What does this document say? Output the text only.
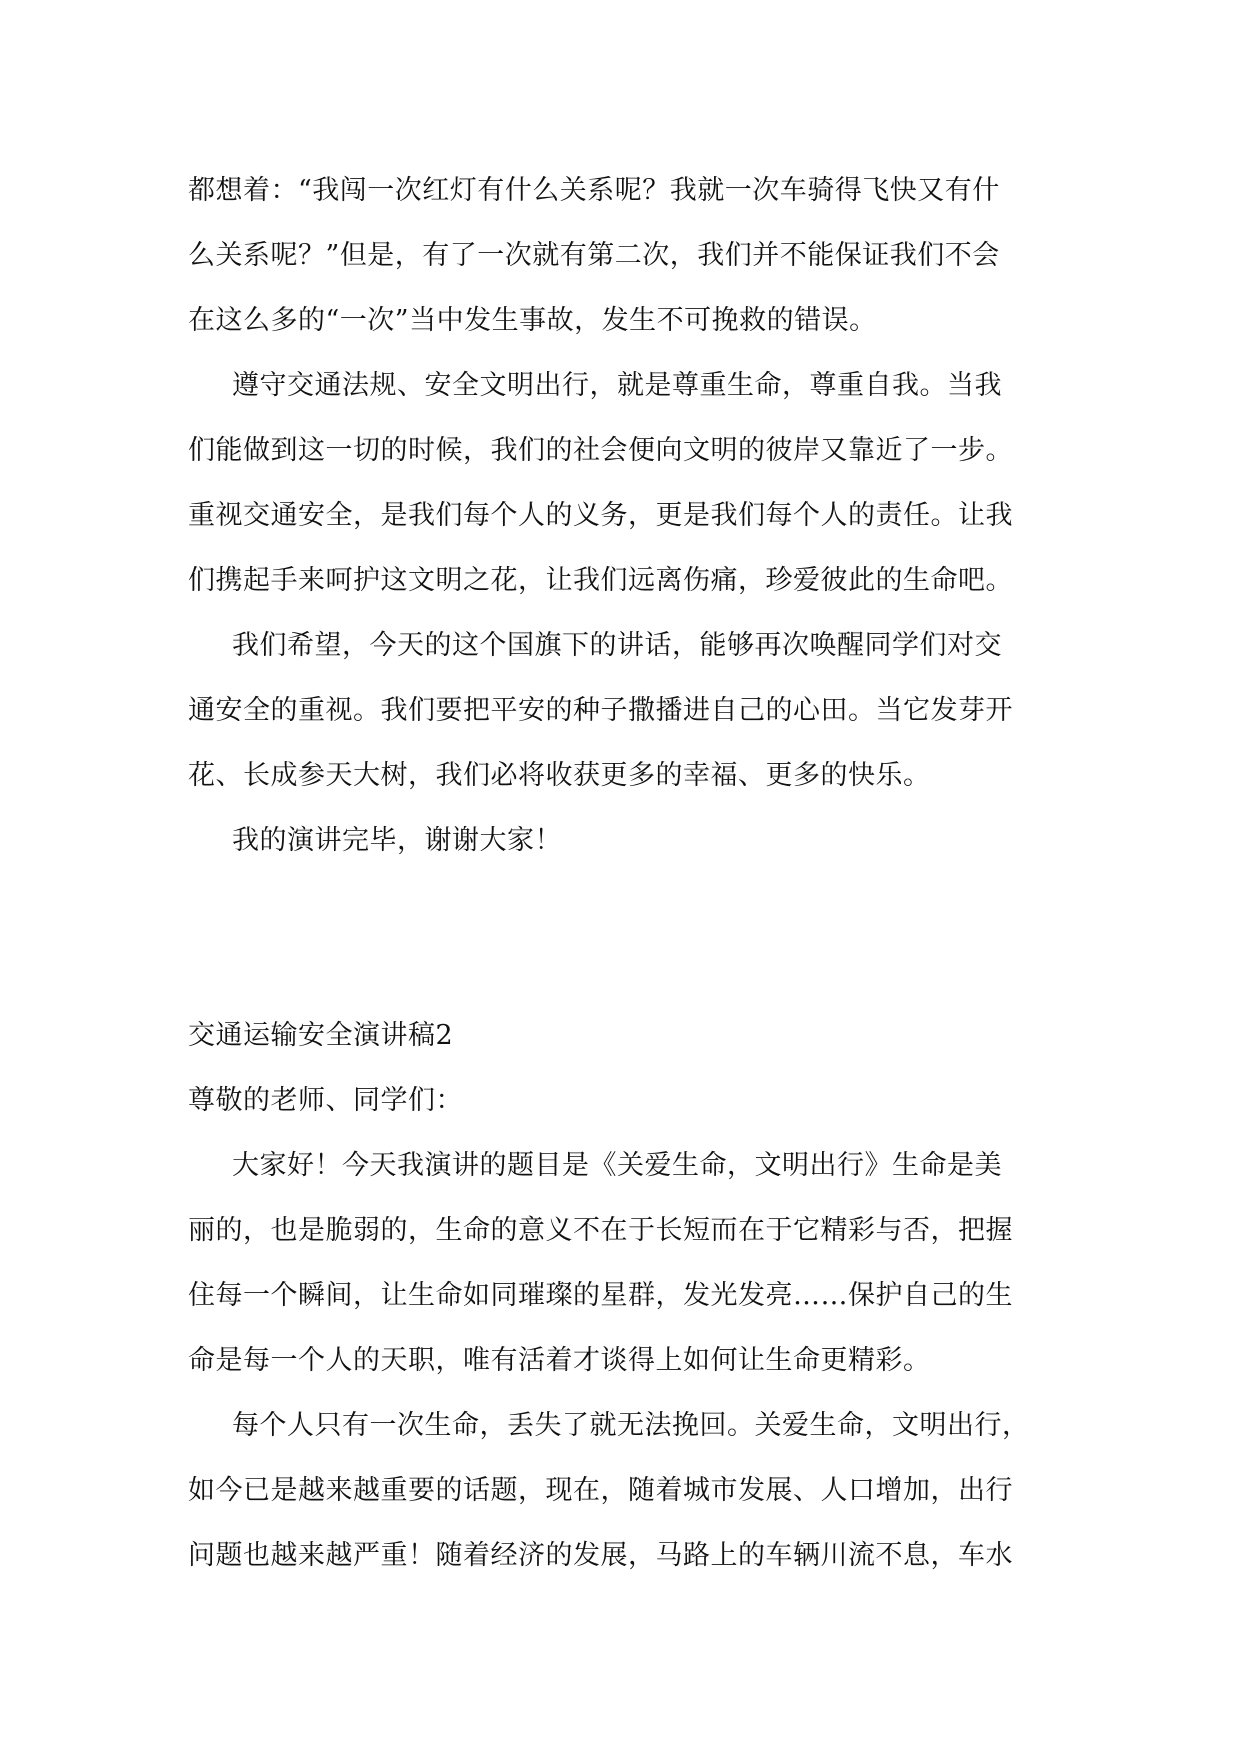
都想着：“我闯一次红灯有什么关系呢？我就一次车骑得飞快又有什
么关系呢？”但是，有了一次就有第二次，我们并不能保证我们不会
在这么多的“一次”当中发生事故，发生不可挽救的错误。
遵守交通法规、安全文明出行，就是尊重生命，尊重自我。当我
们能做到这一切的时候，我们的社会便向文明的彼岸又靠近了一步。
重视交通安全，是我们每个人的义务，更是我们每个人的责任。让我
们携起手来呵护这文明之花，让我们远离伤痛，珍爱彼此的生命吧。
我们希望，今天的这个国旗下的讲话，能够再次唤醒同学们对交
通安全的重视。我们要把平安的种子撒播进自己的心田。当它发芽开
花、长成参天大树，我们必将收获更多的幸福、更多的快乐。
我的演讲完毕，谢谢大家！
交通运输安全演讲稿2
尊敬的老师、同学们：
大家好！今天我演讲的题目是《关爱生命，文明出行》生命是美
丽的，也是脆弱的，生命的意义不在于长短而在于它精彩与否，把握
住每一个瞬间，让生命如同璀璨的星群，发光发亮……保护自己的生
命是每一个人的天职，唯有活着才谈得上如何让生命更精彩。
每个人只有一次生命，丢失了就无法挽回。关爱生命，文明出行，
如今已是越来越重要的话题，现在，随着城市发展、人口增加，出行
问题也越来越严重！随着经济的发展，马路上的车辆川流不息，车水
